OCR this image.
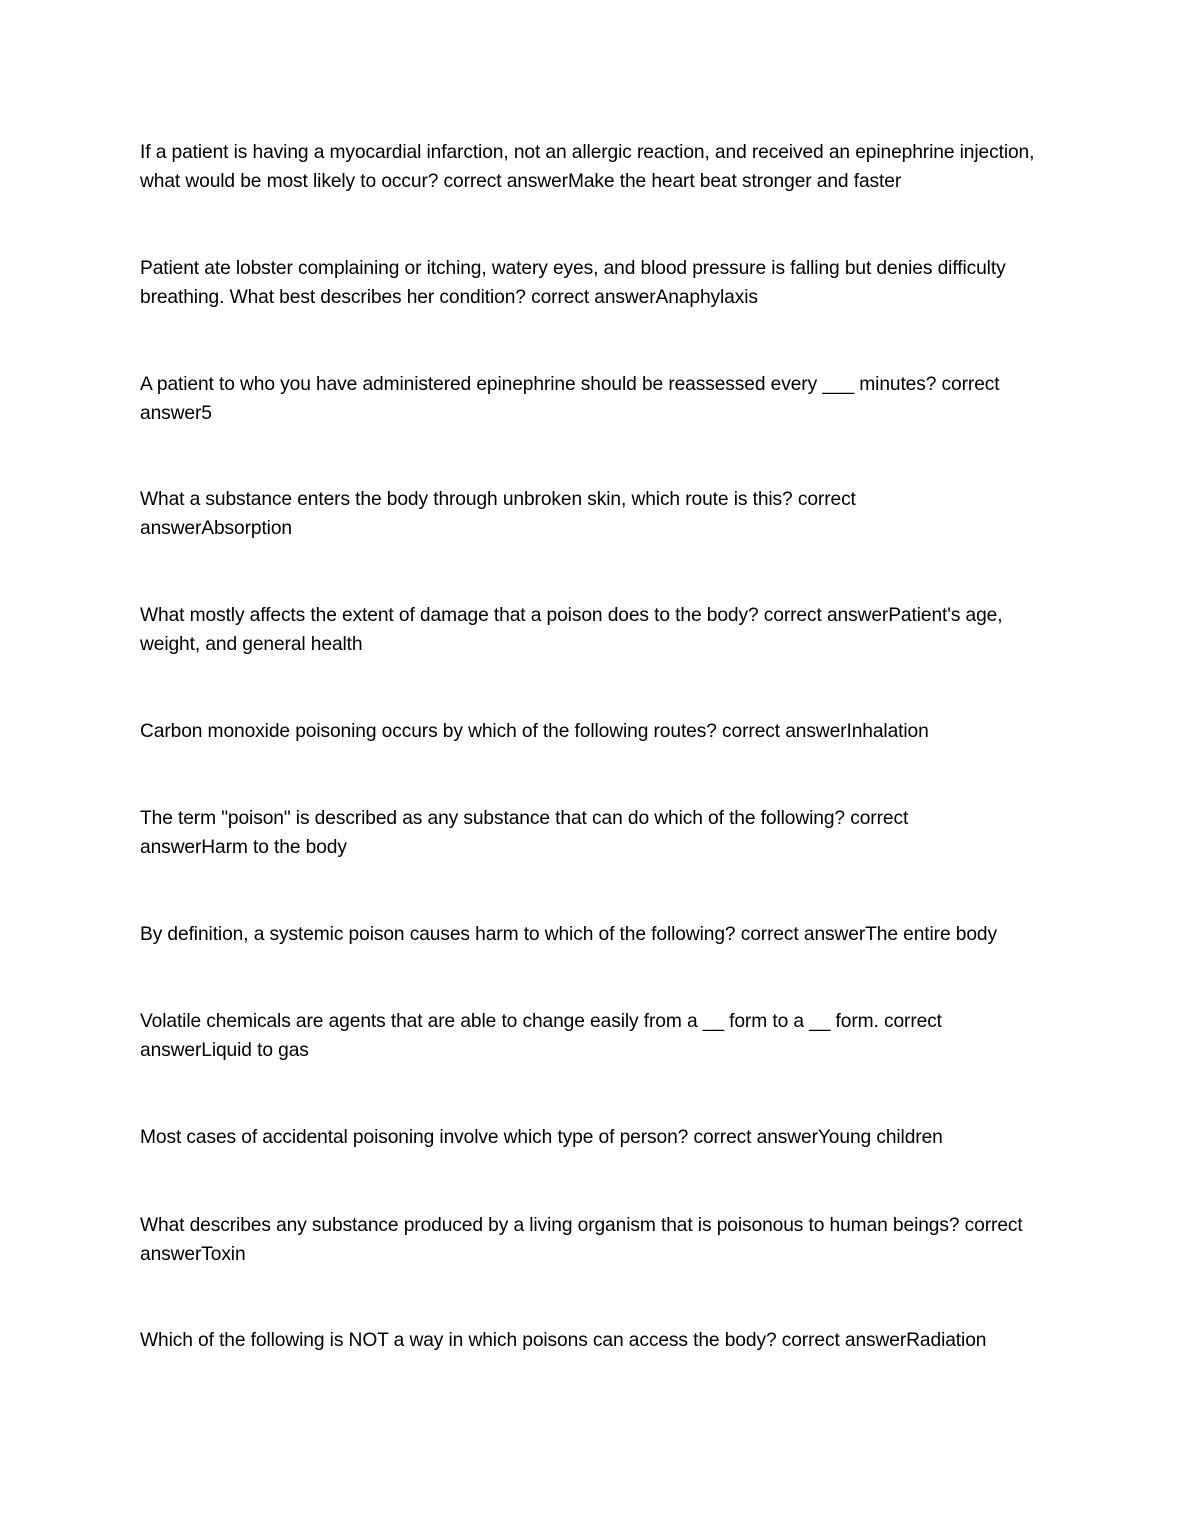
If a patient is having a myocardial infarction, not an allergic reaction, and received an epinephrine injection, what would be most likely to occur? correct answerMake the heart beat stronger and faster

Patient ate lobster complaining or itching, watery eyes, and blood pressure is falling but denies difficulty breathing. What best describes her condition? correct answerAnaphylaxis

A patient to who you have administered epinephrine should be reassessed every ___ minutes? correct answer5

What a substance enters the body through unbroken skin, which route is this? correct answerAbsorption

What mostly affects the extent of damage that a poison does to the body? correct answerPatient's age, weight, and general health

Carbon monoxide poisoning occurs by which of the following routes? correct answerInhalation

The term "poison" is described as any substance that can do which of the following? correct answerHarm to the body

By definition, a systemic poison causes harm to which of the following? correct answerThe entire body

Volatile chemicals are agents that are able to change easily from a __ form to a __ form. correct answerLiquid to gas

Most cases of accidental poisoning involve which type of person? correct answerYoung children

What describes any substance produced by a living organism that is poisonous to human beings? correct answerToxin

Which of the following is NOT a way in which poisons can access the body? correct answerRadiation
